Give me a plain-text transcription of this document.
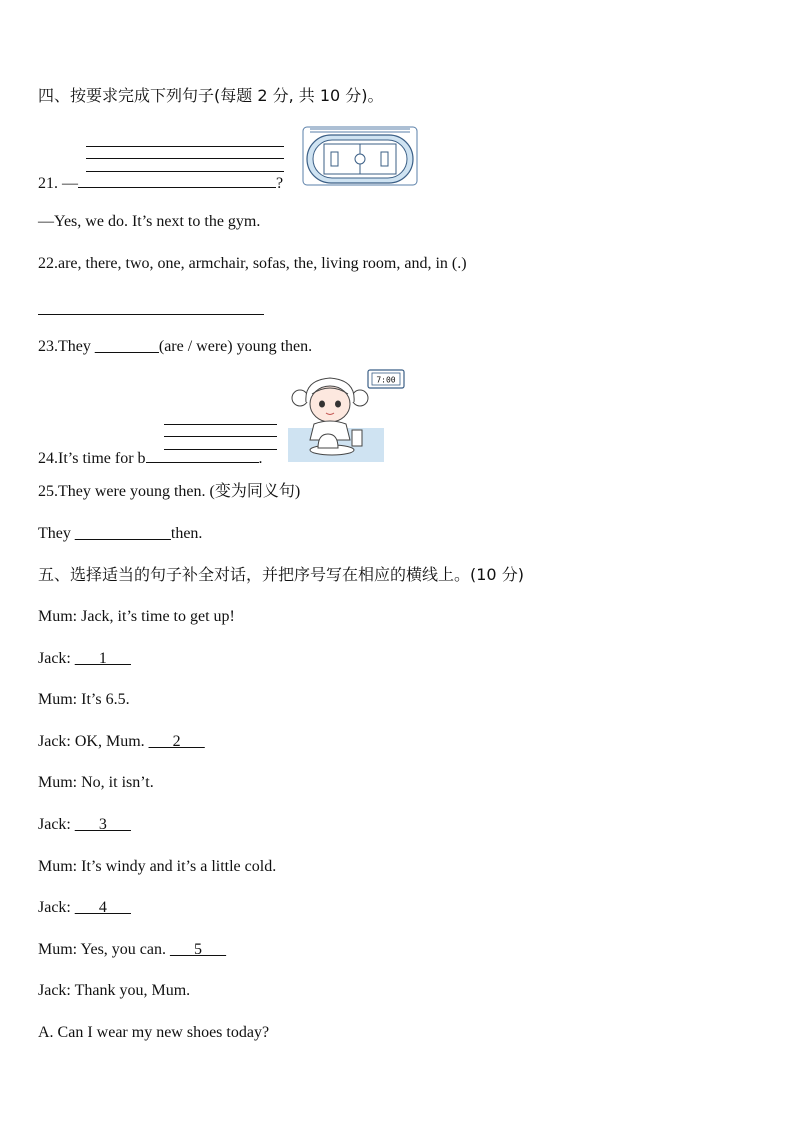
四、按要求完成下列句子(每题 2 分, 共 10 分)。
21. —	?
—Yes, we do. It’s next to the gym.
22.are, there, two, one, armchair, sofas, the, living room, and, in (.)
23.They ________(are / were) young then.
7:00
24.It’s time for b	.
25.They were young then. (变为同义句)
They ____________then.
五、选择适当的句子补全对话，并把序号写在相应的横线上。(10 分)
Mum: Jack, it’s time to get up!
Jack: ___1___
Mum: It’s 6.5.
Jack: OK, Mum. ___2___
Mum: No, it isn’t.
Jack: ___3___
Mum: It’s windy and it’s a little cold.
Jack: ___4___
Mum: Yes, you can. ___5___
Jack: Thank you, Mum.
A. Can I wear my new shoes today?
